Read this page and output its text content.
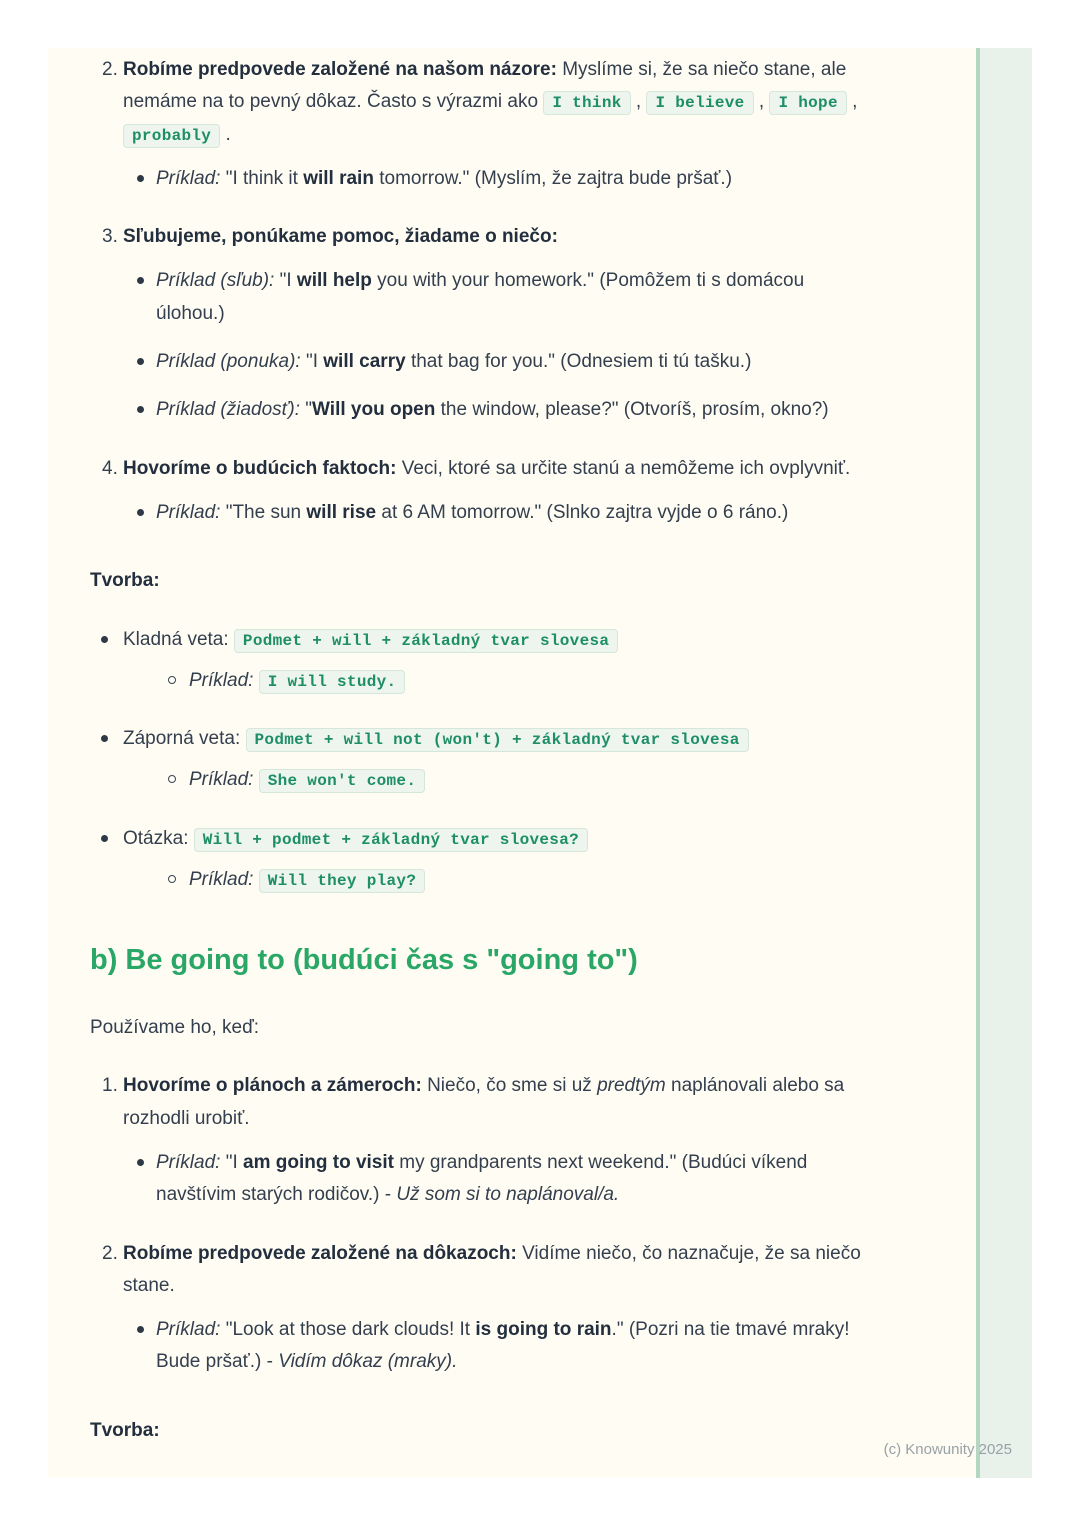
2. Robíme predpovede založené na našom názore: Myslíme si, že sa niečo stane, ale nemáme na to pevný dôkaz. Často s výrazmi ako I think , I believe , I hope , probably .
Príklad: "I think it will rain tomorrow." (Myslím, že zajtra bude pršať.)
3. Sľubujeme, ponúkame pomoc, žiadame o niečo:
Príklad (sľub): "I will help you with your homework." (Pomôžem ti s domácou úlohou.)
Príklad (ponuka): "I will carry that bag for you." (Odnesiem ti tú tašku.)
Príklad (žiadosť): "Will you open the window, please?" (Otvoríš, prosím, okno?)
4. Hovoríme o budúcich faktoch: Veci, ktoré sa určite stanú a nemôžeme ich ovplyvniť.
Príklad: "The sun will rise at 6 AM tomorrow." (Slnko zajtra vyjde o 6 ráno.)
Tvorba:
Kladná veta: Podmet + will + základný tvar slovesa
Príklad: I will study.
Záporná veta: Podmet + will not (won't) + základný tvar slovesa
Príklad: She won't come.
Otázka: Will + podmet + základný tvar slovesa?
Príklad: Will they play?
b) Be going to (budúci čas s "going to")
Používame ho, keď:
1. Hovoríme o plánoch a zámeroch: Niečo, čo sme si už predtým naplánovali alebo sa rozhodli urobiť.
Príklad: "I am going to visit my grandparents next weekend." (Budúci víkend navštívim starých rodičov.) - Už som si to naplánoval/a.
2. Robíme predpovede založené na dôkazoch: Vidíme niečo, čo naznačuje, že sa niečo stane.
Príklad: "Look at those dark clouds! It is going to rain." (Pozri na tie tmavé mraky! Bude pršať.) - Vidím dôkaz (mraky).
Tvorba:
(c) Knowunity 2025
